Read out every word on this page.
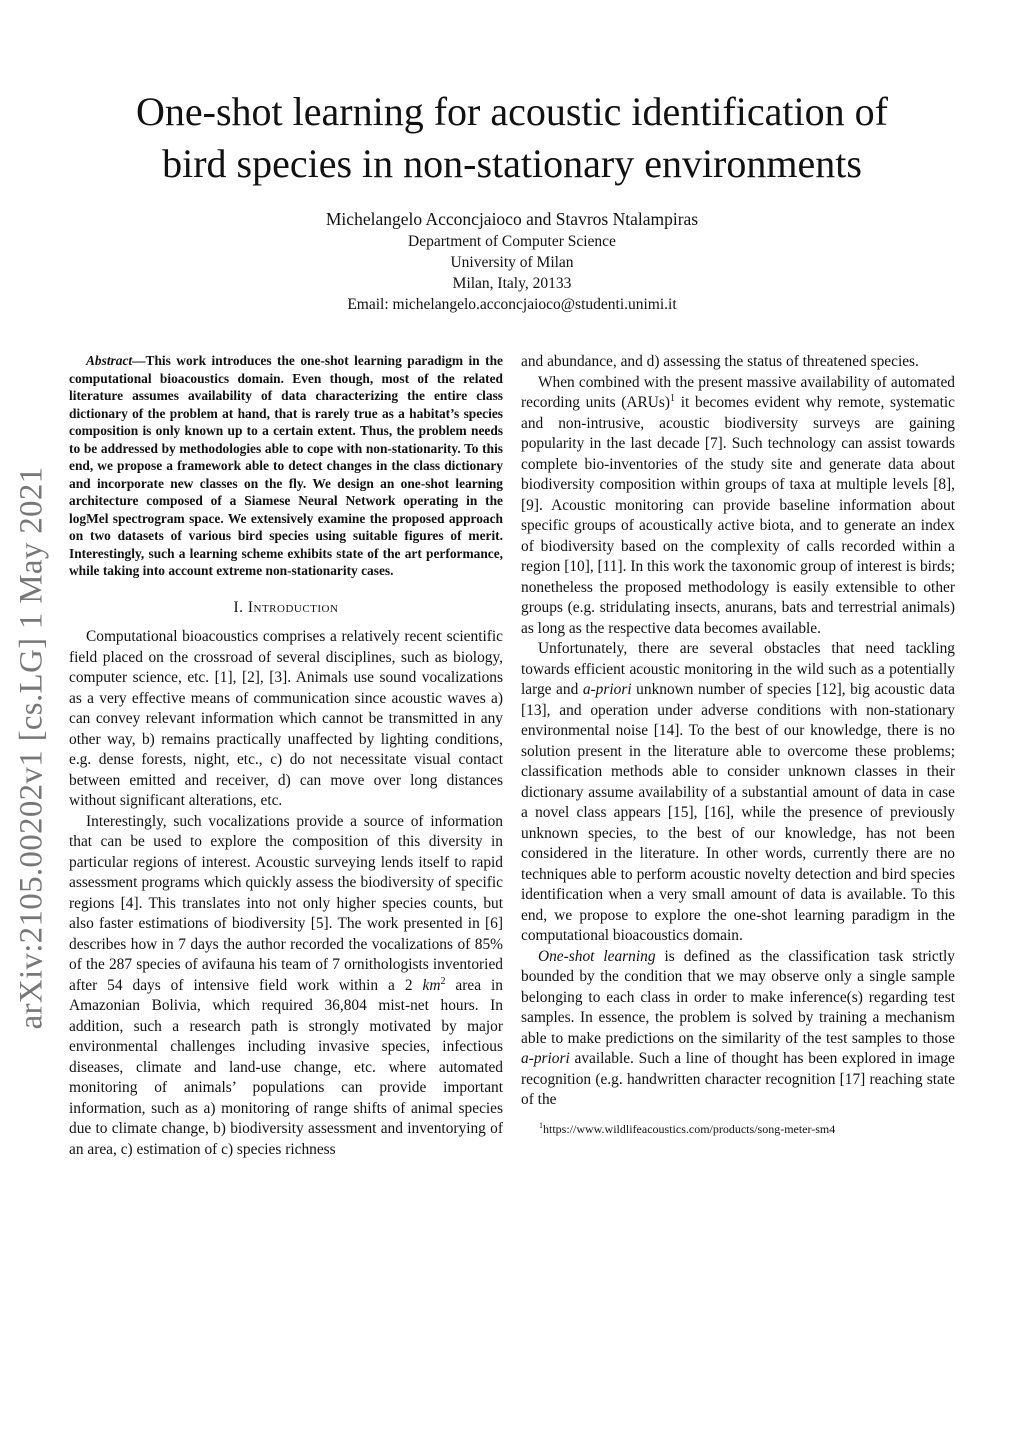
One-shot learning for acoustic identification of
bird species in non-stationary environments
Michelangelo Acconcjaioco and Stavros Ntalampiras
Department of Computer Science
University of Milan
Milan, Italy, 20133
Email: michelangelo.acconcjaioco@studenti.unimi.it
arXiv:2105.00202v1 [cs.LG] 1 May 2021

Abstract—This work introduces the one-shot learning paradigm in the computational bioacoustics domain. Even though, most of the related literature assumes availability of data characterizing the entire class dictionary of the problem at hand, that is rarely true as a habitat’s species composition is only known up to a certain extent. Thus, the problem needs to be addressed by methodologies able to cope with non-stationarity. To this end, we propose a framework able to detect changes in the class dictionary and incorporate new classes on the fly. We design an one-shot learning architecture composed of a Siamese Neural Network operating in the logMel spectrogram space. We extensively examine the proposed approach on two datasets of various bird species using suitable figures of merit. Interestingly, such a learning scheme exhibits state of the art performance, while taking into account extreme non-stationarity cases.

I. Introduction

Computational bioacoustics comprises a relatively recent scientific field placed on the crossroad of several disciplines, such as biology, computer science, etc. [1], [2], [3]. Animals use sound vocalizations as a very effective means of communication since acoustic waves a) can convey relevant information which cannot be transmitted in any other way, b) remains practically unaffected by lighting conditions, e.g. dense forests, night, etc., c) do not necessitate visual contact between emitted and receiver, d) can move over long distances without significant alterations, etc.

Interestingly, such vocalizations provide a source of information that can be used to explore the composition of this diversity in particular regions of interest. Acoustic surveying lends itself to rapid assessment programs which quickly assess the biodiversity of specific regions [4]. This translates into not only higher species counts, but also faster estimations of biodiversity [5]. The work presented in [6] describes how in 7 days the author recorded the vocalizations of 85% of the 287 species of avifauna his team of 7 ornithologists inventoried after 54 days of intensive field work within a 2 $km^2$ area in Amazonian Bolivia, which required 36,804 mist-net hours. In addition, such a research path is strongly motivated by major environmental challenges including invasive species, infectious diseases, climate and land-use change, etc. where automated monitoring of animals’ populations can provide important information, such as a) monitoring of range shifts of animal species due to climate change, b) biodiversity assessment and inventorying of an area, c) estimation of c) species richness

and abundance, and d) assessing the status of threatened species.

When combined with the present massive availability of automated recording units (ARUs)$^1$ it becomes evident why remote, systematic and non-intrusive, acoustic biodiversity surveys are gaining popularity in the last decade [7]. Such technology can assist towards complete bio-inventories of the study site and generate data about biodiversity composition within groups of taxa at multiple levels [8], [9]. Acoustic monitoring can provide baseline information about specific groups of acoustically active biota, and to generate an index of biodiversity based on the complexity of calls recorded within a region [10], [11]. In this work the taxonomic group of interest is birds; nonetheless the proposed methodology is easily extensible to other groups (e.g. stridulating insects, anurans, bats and terrestrial animals) as long as the respective data becomes available.

Unfortunately, there are several obstacles that need tackling towards efficient acoustic monitoring in the wild such as a potentially large and a-priori unknown number of species [12], big acoustic data [13], and operation under adverse conditions with non-stationary environmental noise [14]. To the best of our knowledge, there is no solution present in the literature able to overcome these problems; classification methods able to consider unknown classes in their dictionary assume availability of a substantial amount of data in case a novel class appears [15], [16], while the presence of previously unknown species, to the best of our knowledge, has not been considered in the literature. In other words, currently there are no techniques able to perform acoustic novelty detection and bird species identification when a very small amount of data is available. To this end, we propose to explore the one-shot learning paradigm in the computational bioacoustics domain.

One-shot learning is defined as the classification task strictly bounded by the condition that we may observe only a single sample belonging to each class in order to make inference(s) regarding test samples. In essence, the problem is solved by training a mechanism able to make predictions on the similarity of the test samples to those a-priori available. Such a line of thought has been explored in image recognition (e.g. handwritten character recognition [17] reaching state of the

$^1$https://www.wildlifeacoustics.com/products/song-meter-sm4
